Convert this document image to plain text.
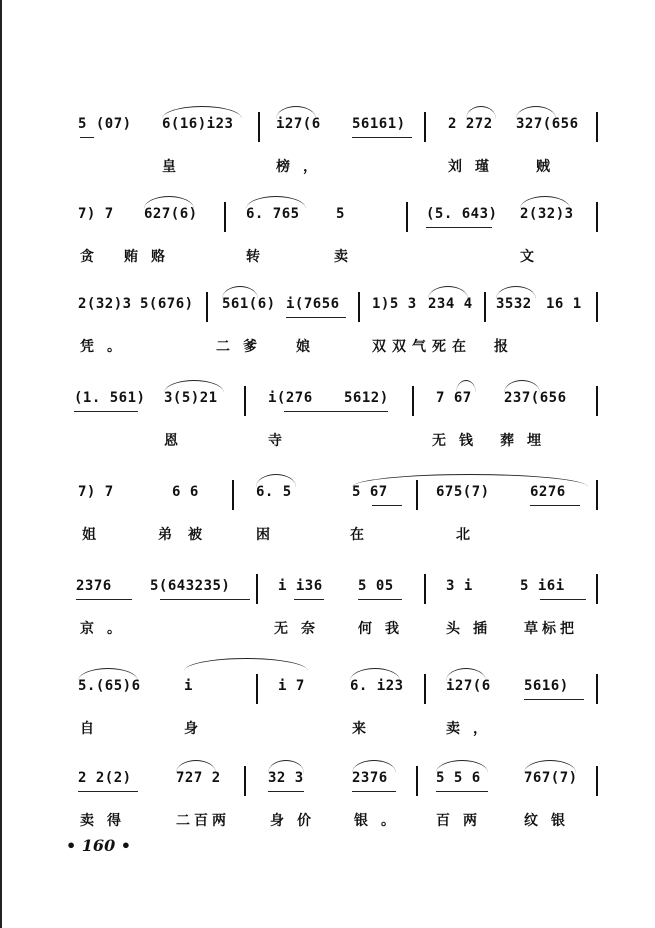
5 (07) 6(16)i23	i27(6 56161)	2 272 327(656
皇	榜，	刘瑾 贼
7) 7 627(6)	6. 765	5	(5. 643) 2(32)3
贪 贿赂	转	卖	文
2(32)3 5(676) 561(6) i(7656 1)5 3 234 4 3532 16 1
凭。	二爹 娘	双双气死在 报
(1. 561) 3(5)21	i(276 5612)	7 67 237(656
恩	寺	无钱 葬埋
7) 7	6 6	6. 5	5 67	675(7)	6276
姐	弟被	困	在	北
2376	5(643235)	i i36	5 05	3 i	5 i6i
京。	无奈 何我 头插 草标把
5.(65)6	i	i 7	6. i23	i27(6 5616)
自	身	来	卖，
2 2(2)	727 2	32 3	2376	5 5 6	767(7)
卖得	二百两	身价 银。 百两 纹银
• 160 •
